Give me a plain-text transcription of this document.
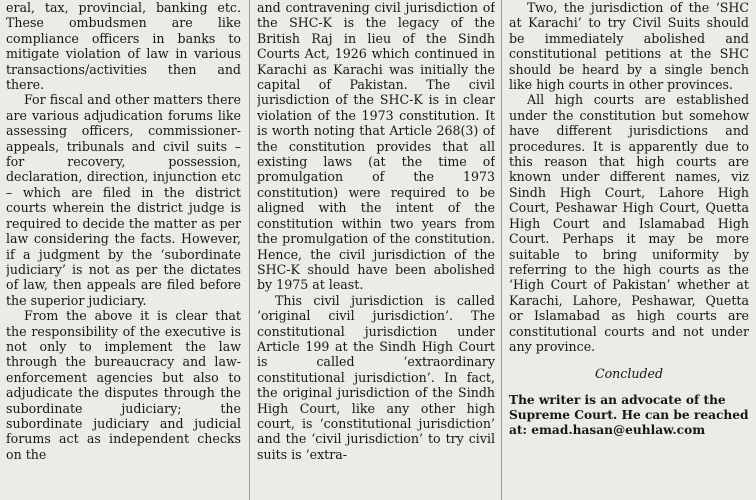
eral, tax, provincial, banking etc. These ombudsmen are like compliance officers in banks to mitigate violation of law in various transactions/activities then and there.

For fiscal and other matters there are various adjudication forums like assessing officers, commissioner-appeals, tribunals and civil suits – for recovery, possession, declaration, direction, injunction etc – which are filed in the district courts wherein the district judge is required to decide the matter as per law considering the facts. However, if a judgment by the ‘subordinate judiciary’ is not as per the dictates of law, then appeals are filed before the superior judiciary.

From the above it is clear that the responsibility of the executive is not only to implement the law through the bureaucracy and law-enforcement agencies but also to adjudicate the disputes through the subordinate judiciary; the subordinate judiciary and judicial forums act as independent checks on the

and contravening civil jurisdiction of the SHC-K is the legacy of the British Raj in lieu of the Sindh Courts Act, 1926 which continued in Karachi as Karachi was initially the capital of Pakistan. The civil jurisdiction of the SHC-K is in clear violation of the 1973 constitution. It is worth noting that Article 268(3) of the constitution provides that all existing laws (at the time of promulgation of the 1973 constitution) were required to be aligned with the intent of the constitution within two years from the promulgation of the constitution. Hence, the civil jurisdiction of the SHC-K should have been abolished by 1975 at least.

This civil jurisdiction is called ‘original civil jurisdiction’. The constitutional jurisdiction under Article 199 at the Sindh High Court is called ‘extraordinary constitutional jurisdiction’. In fact, the original jurisdiction of the Sindh High Court, like any other high court, is ‘constitutional jurisdiction’ and the ‘civil jurisdiction’ to try civil suits is ‘extra-

Two, the jurisdiction of the ‘SHC at Karachi’ to try Civil Suits should be immediately abolished and constitutional petitions at the SHC should be heard by a single bench like high courts in other provinces.

All high courts are established under the constitution but somehow have different jurisdictions and procedures. It is apparently due to this reason that high courts are known under different names, viz Sindh High Court, Lahore High Court, Peshawar High Court, Quetta High Court and Islamabad High Court. Perhaps it may be more suitable to bring uniformity by referring to the high courts as the ‘High Court of Pakistan’ whether at Karachi, Lahore, Peshawar, Quetta or Islamabad as high courts are constitutional courts and not under any province.

Concluded
The writer is an advocate of the Supreme Court. He can be reached at: emad.hasan@euhlaw.com
